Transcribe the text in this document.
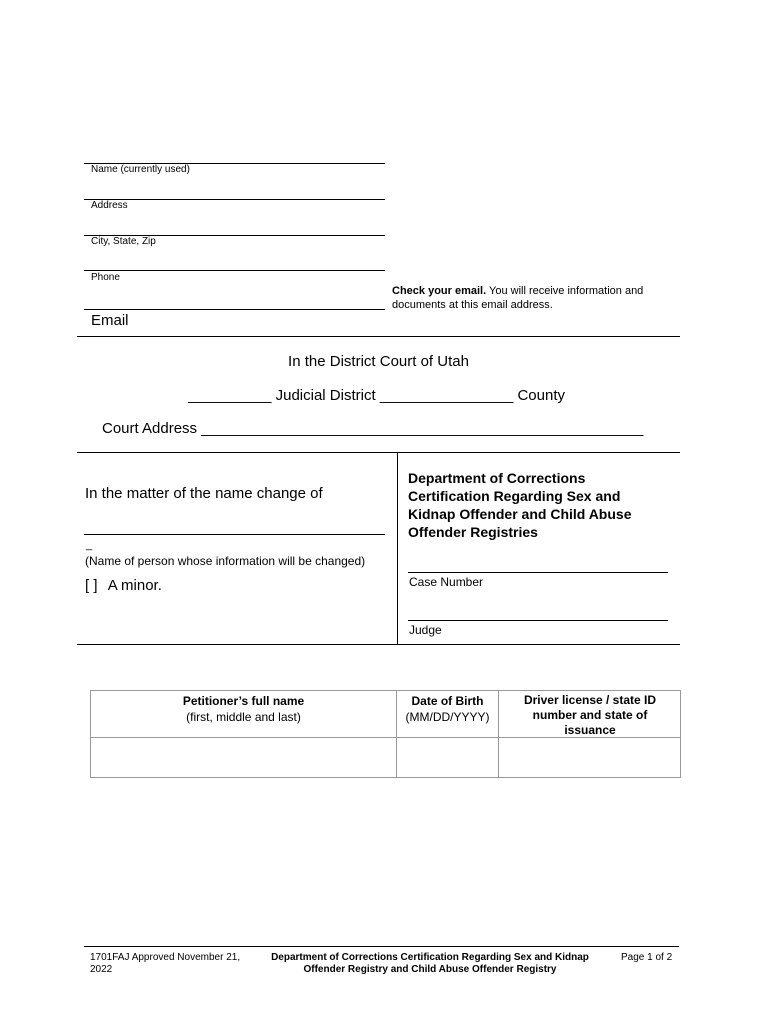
Name (currently used)
Address
City, State, Zip
Phone
Email
Check your email. You will receive information and documents at this email address.
In the District Court of Utah
__________ Judicial District ________________ County
Court Address _____________________________________________________
In the matter of the name change of
_
(Name of person whose information will be changed)
[ ] A minor.
Department of Corrections Certification Regarding Sex and Kidnap Offender and Child Abuse Offender Registries
Case Number
Judge
Petitioner’s full name
(first, middle and last)
Date of Birth
(MM/DD/YYYY)
Driver license / state ID number and state of issuance
1701FAJ Approved November 21, 2022
Department of Corrections Certification Regarding Sex and Kidnap Offender Registry and Child Abuse Offender Registry
Page 1 of 2
